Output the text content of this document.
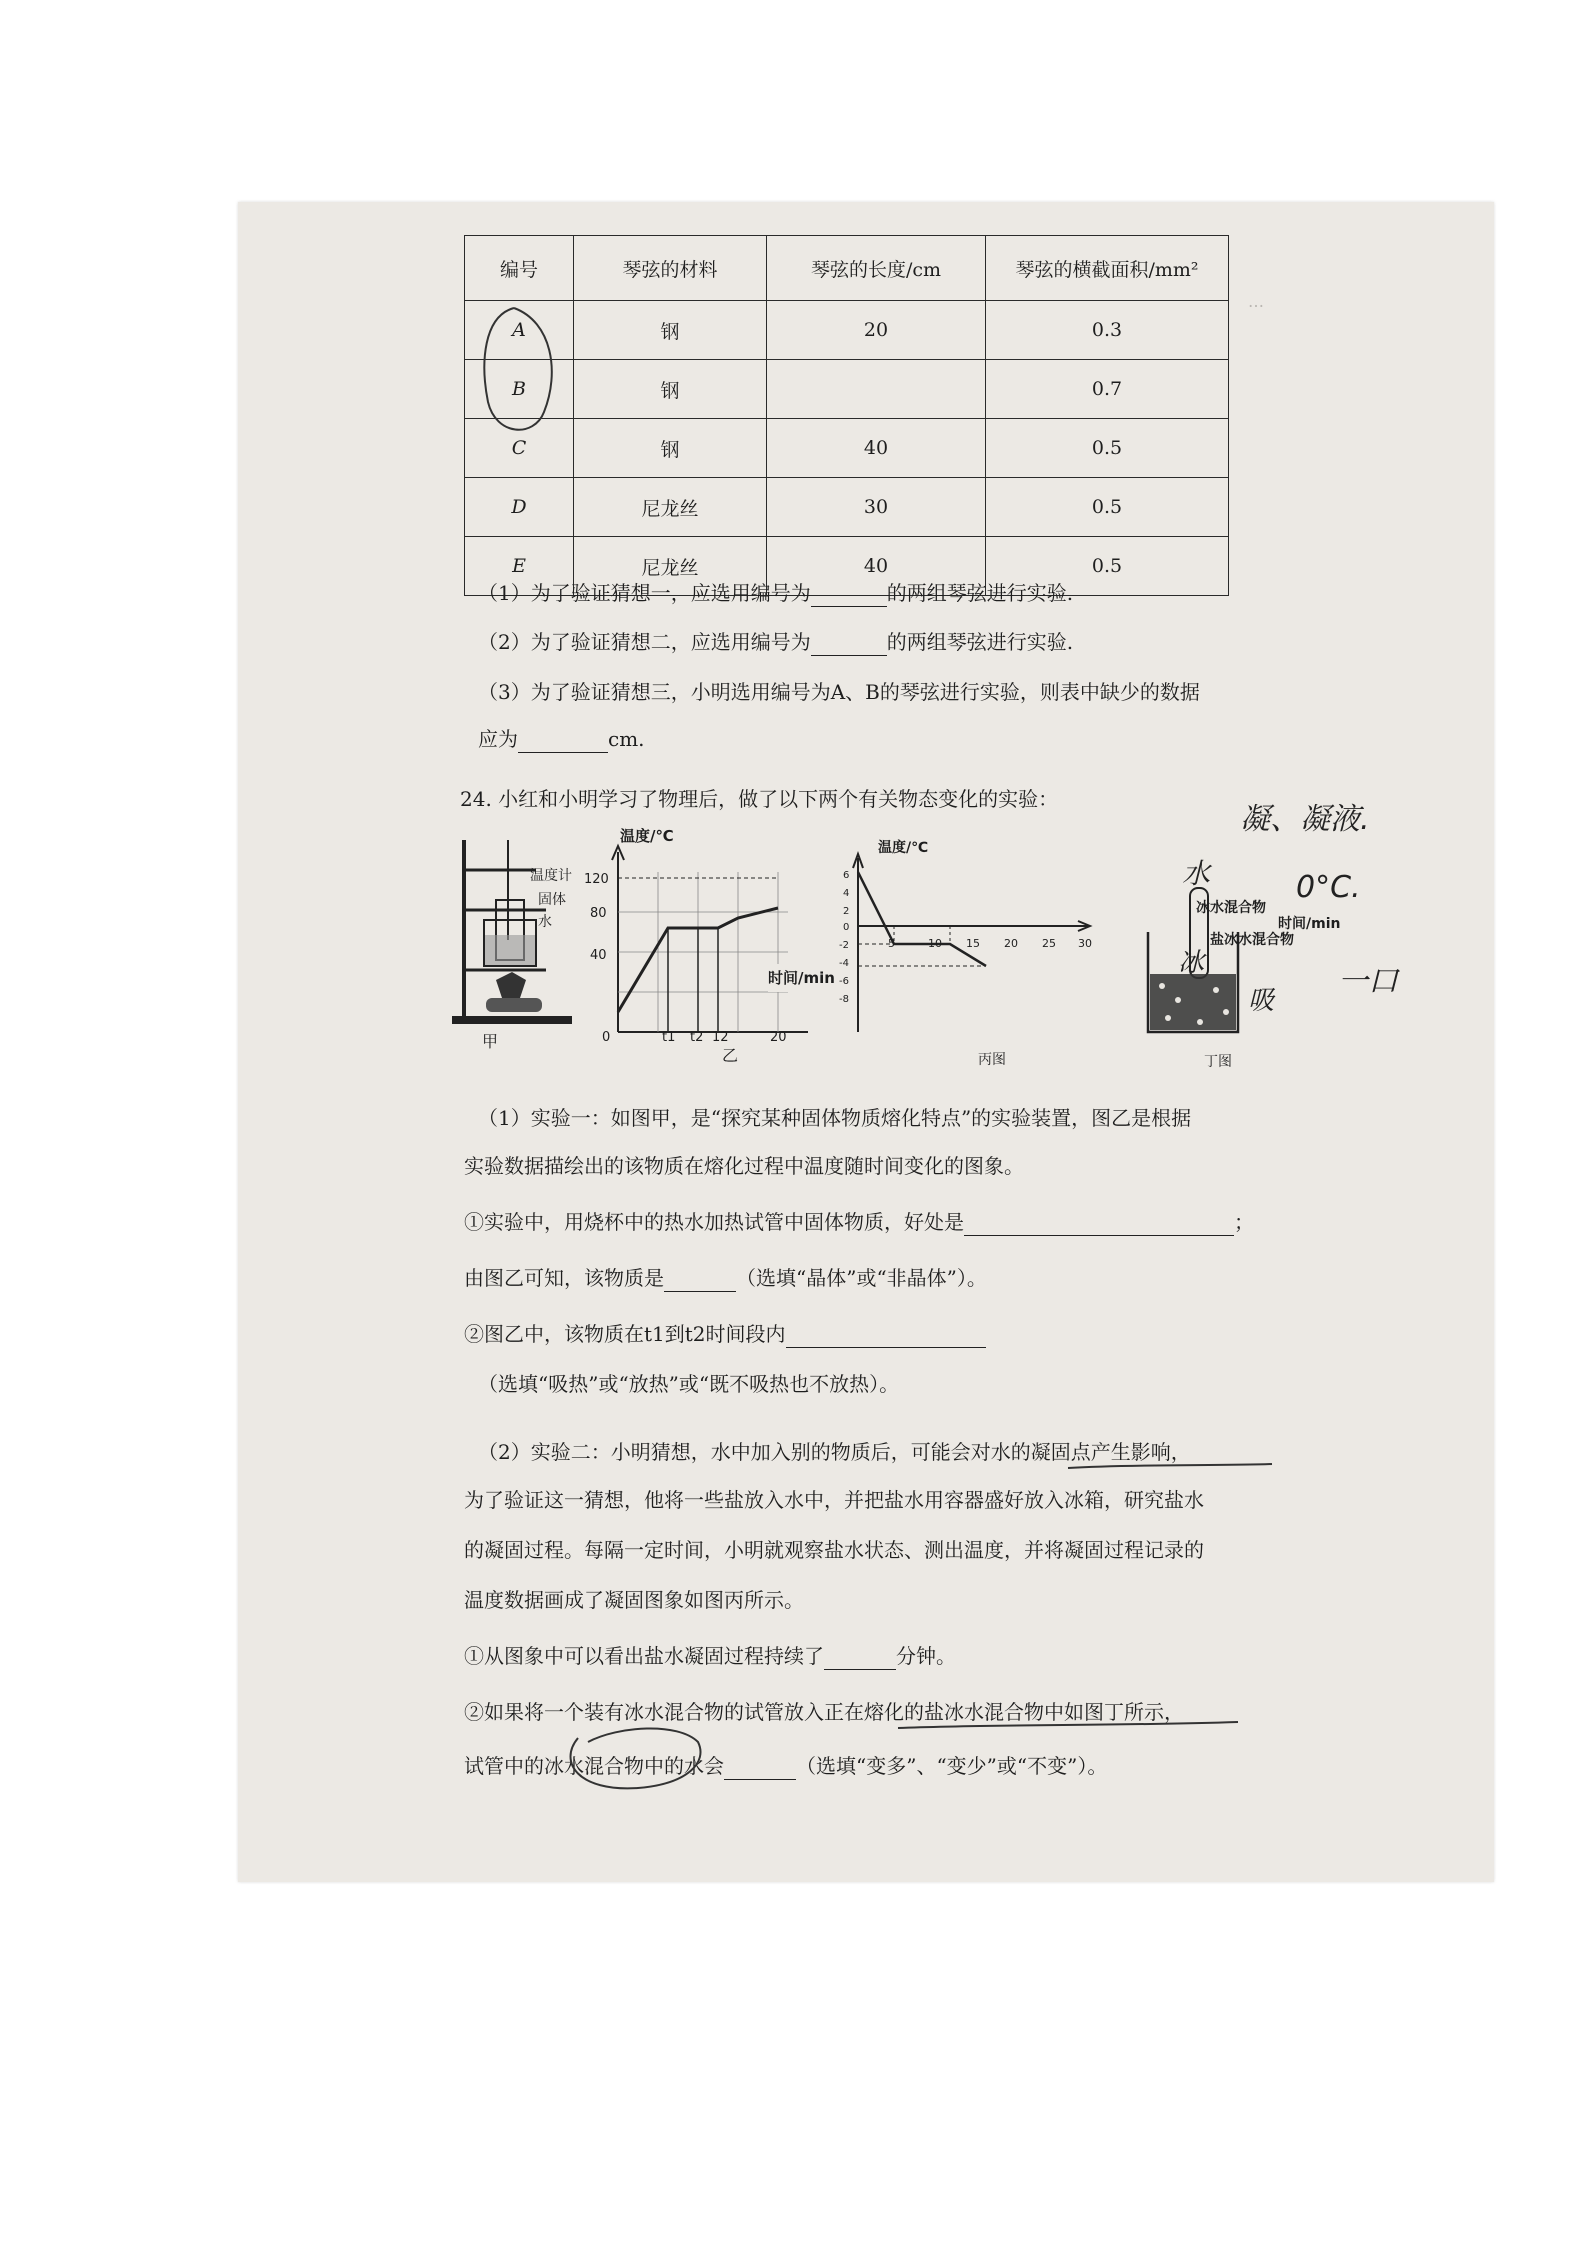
…
编号	琴弦的材料	琴弦的长度/cm	琴弦的横截面积/mm²
A	钢	20	0.3
B	钢		0.7
C	钢	40	0.5
D	尼龙丝	30	0.5
E	尼龙丝	40	0.5
（1）为了验证猜想一，应选用编号为	的两组琴弦进行实验.
（2）为了验证猜想二，应选用编号为	的两组琴弦进行实验.
（3）为了验证猜想三，小明选用编号为A、B的琴弦进行实验，则表中缺少的数据
应为	cm.
24. 小红和小明学习了物理后，做了以下两个有关物态变化的实验：
温度计
固体
水
甲
温度/℃
120
80
40
0	t1 t2 12	20
时间/min
乙
温度/℃
时间/min
6
4
2
0
-2
-4
-6
-8
5	10 15 20 25 30
丙图
冰水混合物
盐冰水混合物
丁图
凝、凝液.
水	0°C.
冰
吸
一口
（1）实验一：如图甲，是“探究某种固体物质熔化特点”的实验装置，图乙是根据
实验数据描绘出的该物质在熔化过程中温度随时间变化的图象。
①实验中，用烧杯中的热水加热试管中固体物质，好处是	；
由图乙可知，该物质是	（选填“晶体”或“非晶体”）。
②图乙中，该物质在t1到t2时间段内
（选填“吸热”或“放热”或“既不吸热也不放热）。
（2）实验二：小明猜想，水中加入别的物质后，可能会对水的凝固点产生影响，
为了验证这一猜想，他将一些盐放入水中，并把盐水用容器盛好放入冰箱，研究盐水
的凝固过程。每隔一定时间，小明就观察盐水状态、测出温度，并将凝固过程记录的
温度数据画成了凝固图象如图丙所示。
①从图象中可以看出盐水凝固过程持续了	分钟。
②如果将一个装有冰水混合物的试管放入正在熔化的盐冰水混合物中如图丁所示，
试管中的冰水混合物中的水会	（选填“变多”、“变少”或“不变”）。
